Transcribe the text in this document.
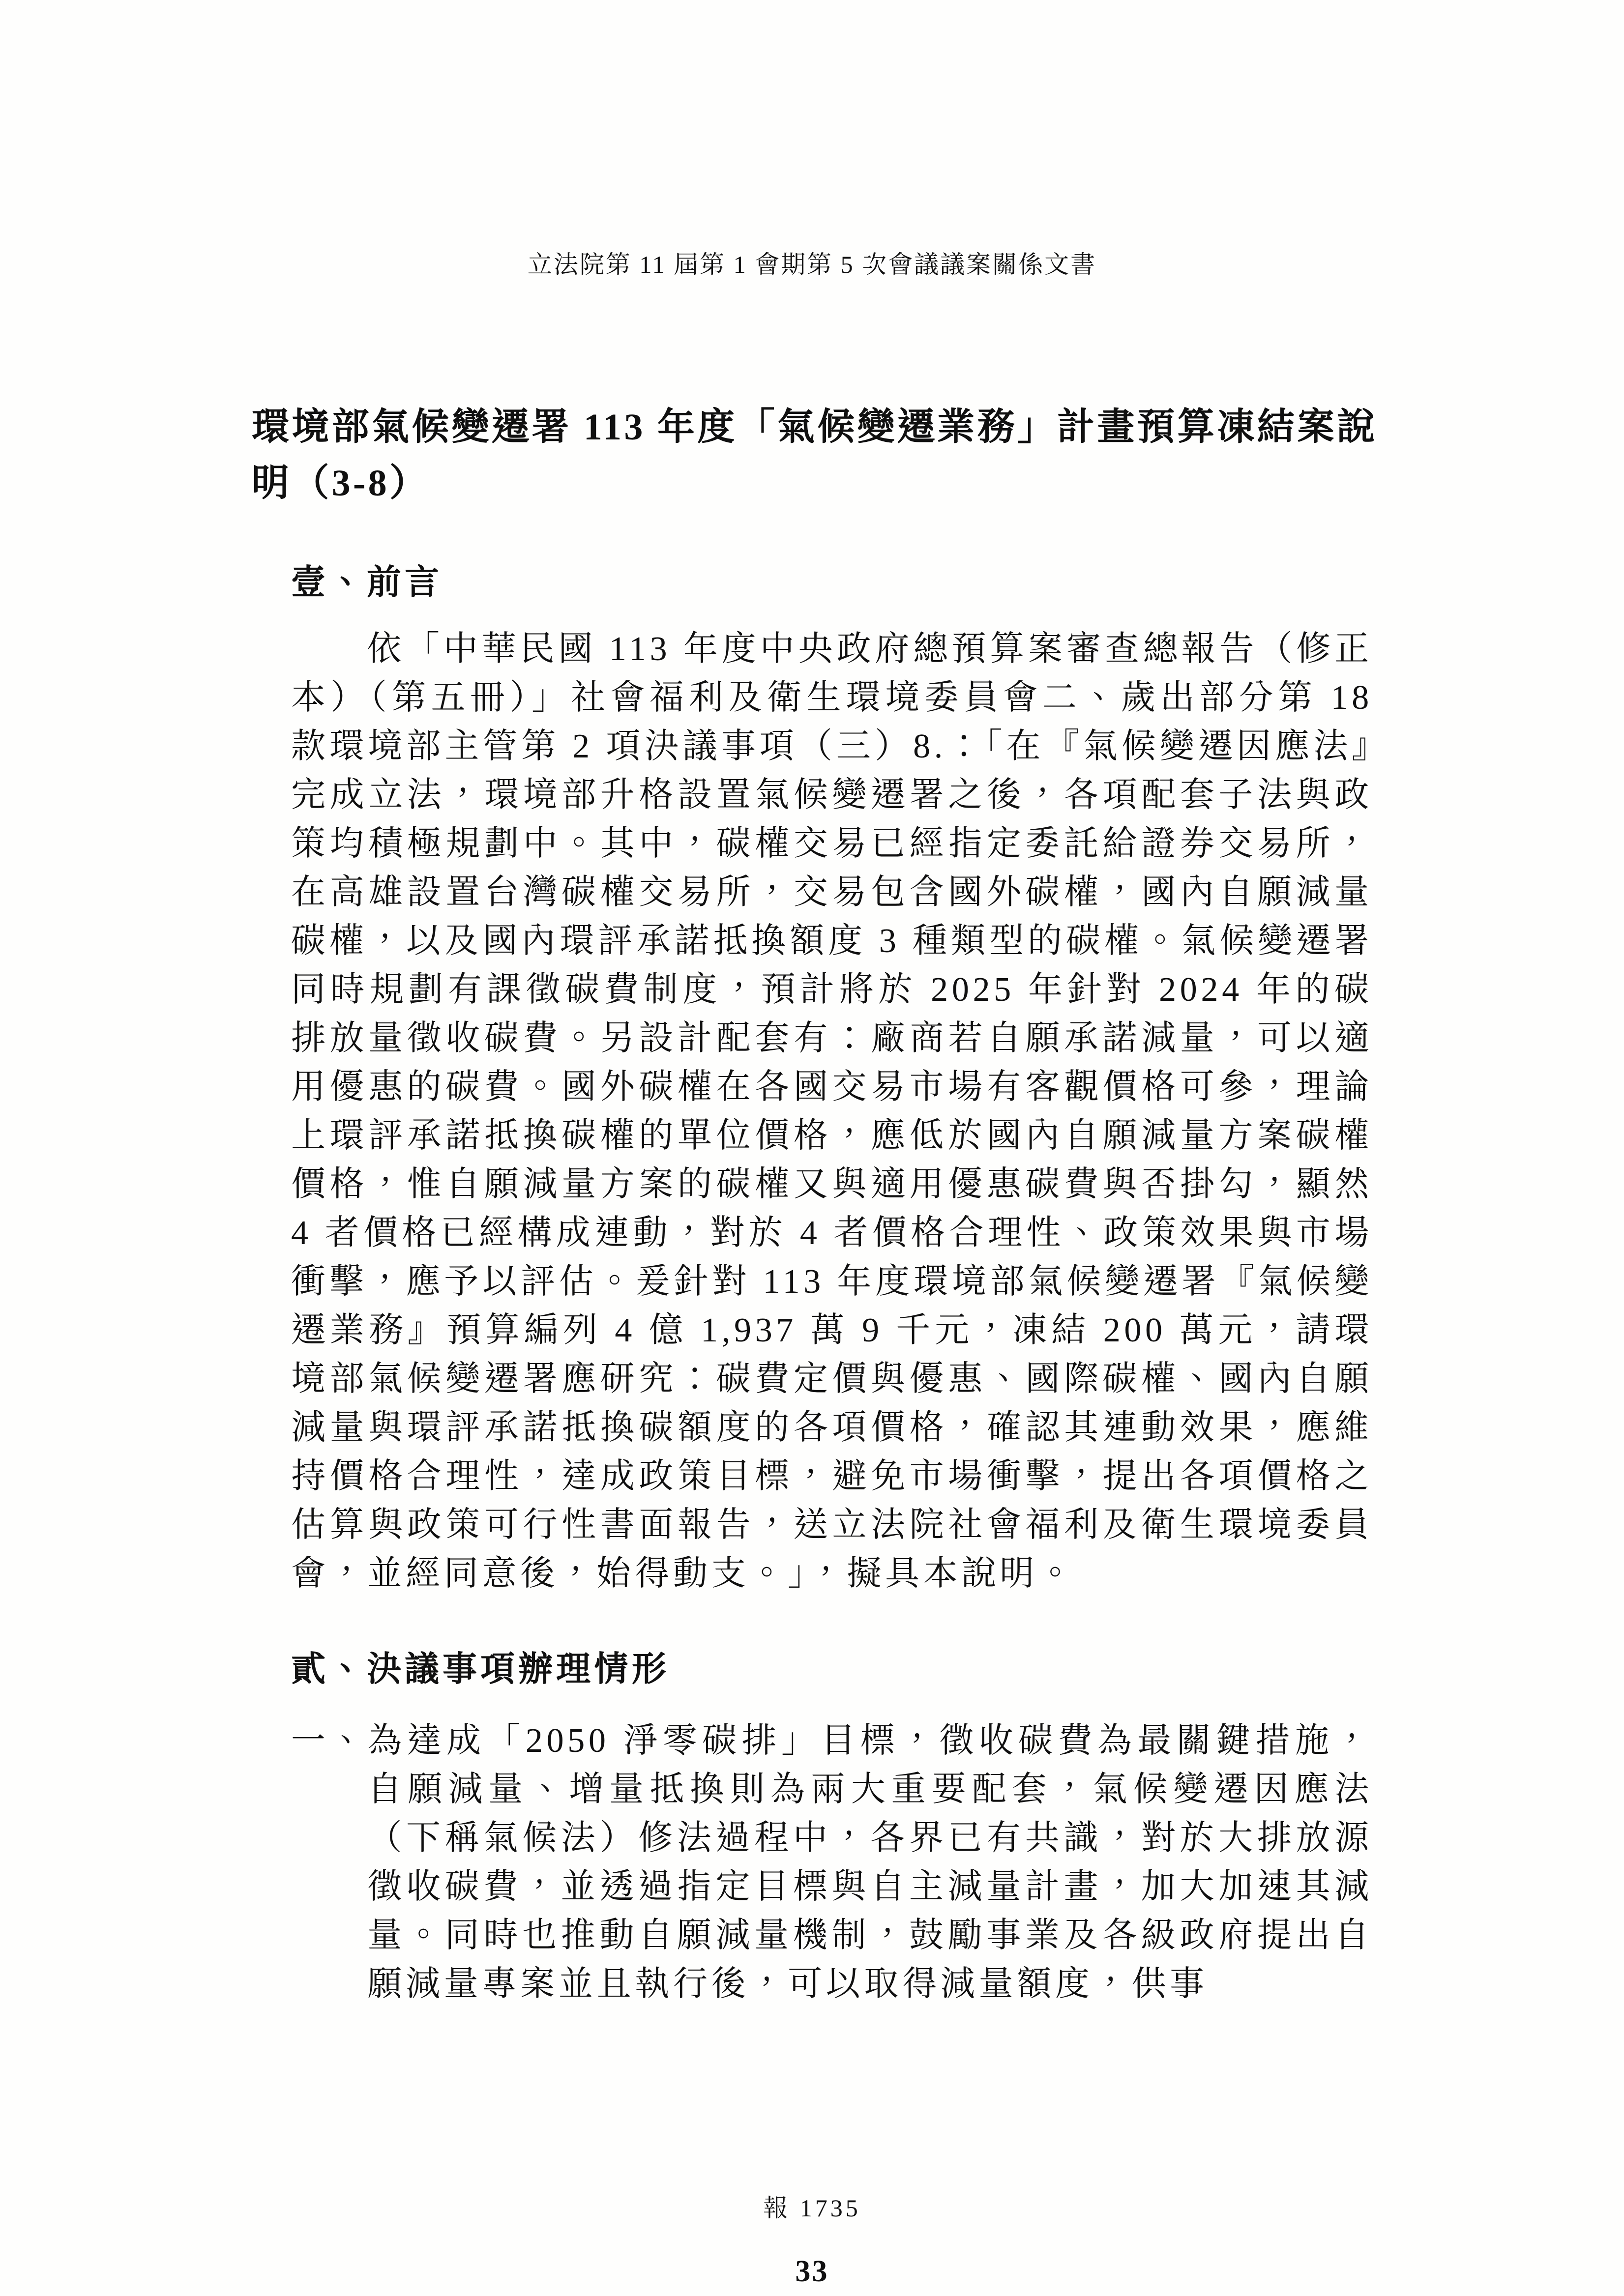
立法院第 11 屆第 1 會期第 5 次會議議案關係文書
環境部氣候變遷署 113 年度「氣候變遷業務」計畫預算凍結案說明（3-8）
壹、前言

依「中華民國 113 年度中央政府總預算案審查總報告（修正本）（第五冊）」社會福利及衛生環境委員會二、歲出部分第 18 款環境部主管第 2 項決議事項（三）8.：「在『氣候變遷因應法』完成立法，環境部升格設置氣候變遷署之後，各項配套子法與政策均積極規劃中。其中，碳權交易已經指定委託給證券交易所，在高雄設置台灣碳權交易所，交易包含國外碳權，國內自願減量碳權，以及國內環評承諾抵換額度 3 種類型的碳權。氣候變遷署同時規劃有課徵碳費制度，預計將於 2025 年針對 2024 年的碳排放量徵收碳費。另設計配套有：廠商若自願承諾減量，可以適用優惠的碳費。國外碳權在各國交易市場有客觀價格可參，理論上環評承諾抵換碳權的單位價格，應低於國內自願減量方案碳權價格，惟自願減量方案的碳權又與適用優惠碳費與否掛勾，顯然 4 者價格已經構成連動，對於 4 者價格合理性、政策效果與市場衝擊，應予以評估。爰針對 113 年度環境部氣候變遷署『氣候變遷業務』預算編列 4 億 1,937 萬 9 千元，凍結 200 萬元，請環境部氣候變遷署應研究：碳費定價與優惠、國際碳權、國內自願減量與環評承諾抵換碳額度的各項價格，確認其連動效果，應維持價格合理性，達成政策目標，避免市場衝擊，提出各項價格之估算與政策可行性書面報告，送立法院社會福利及衛生環境委員會，並經同意後，始得動支。」，擬具本說明。

貳、決議事項辦理情形
一、 為達成「2050 淨零碳排」目標，徵收碳費為最關鍵措施，自願減量、增量抵換則為兩大重要配套，氣候變遷因應法（下稱氣候法）修法過程中，各界已有共識，對於大排放源徵收碳費，並透過指定目標與自主減量計畫，加大加速其減量。同時也推動自願減量機制，鼓勵事業及各級政府提出自願減量專案並且執行後，可以取得減量額度，供事
報 1735
33
